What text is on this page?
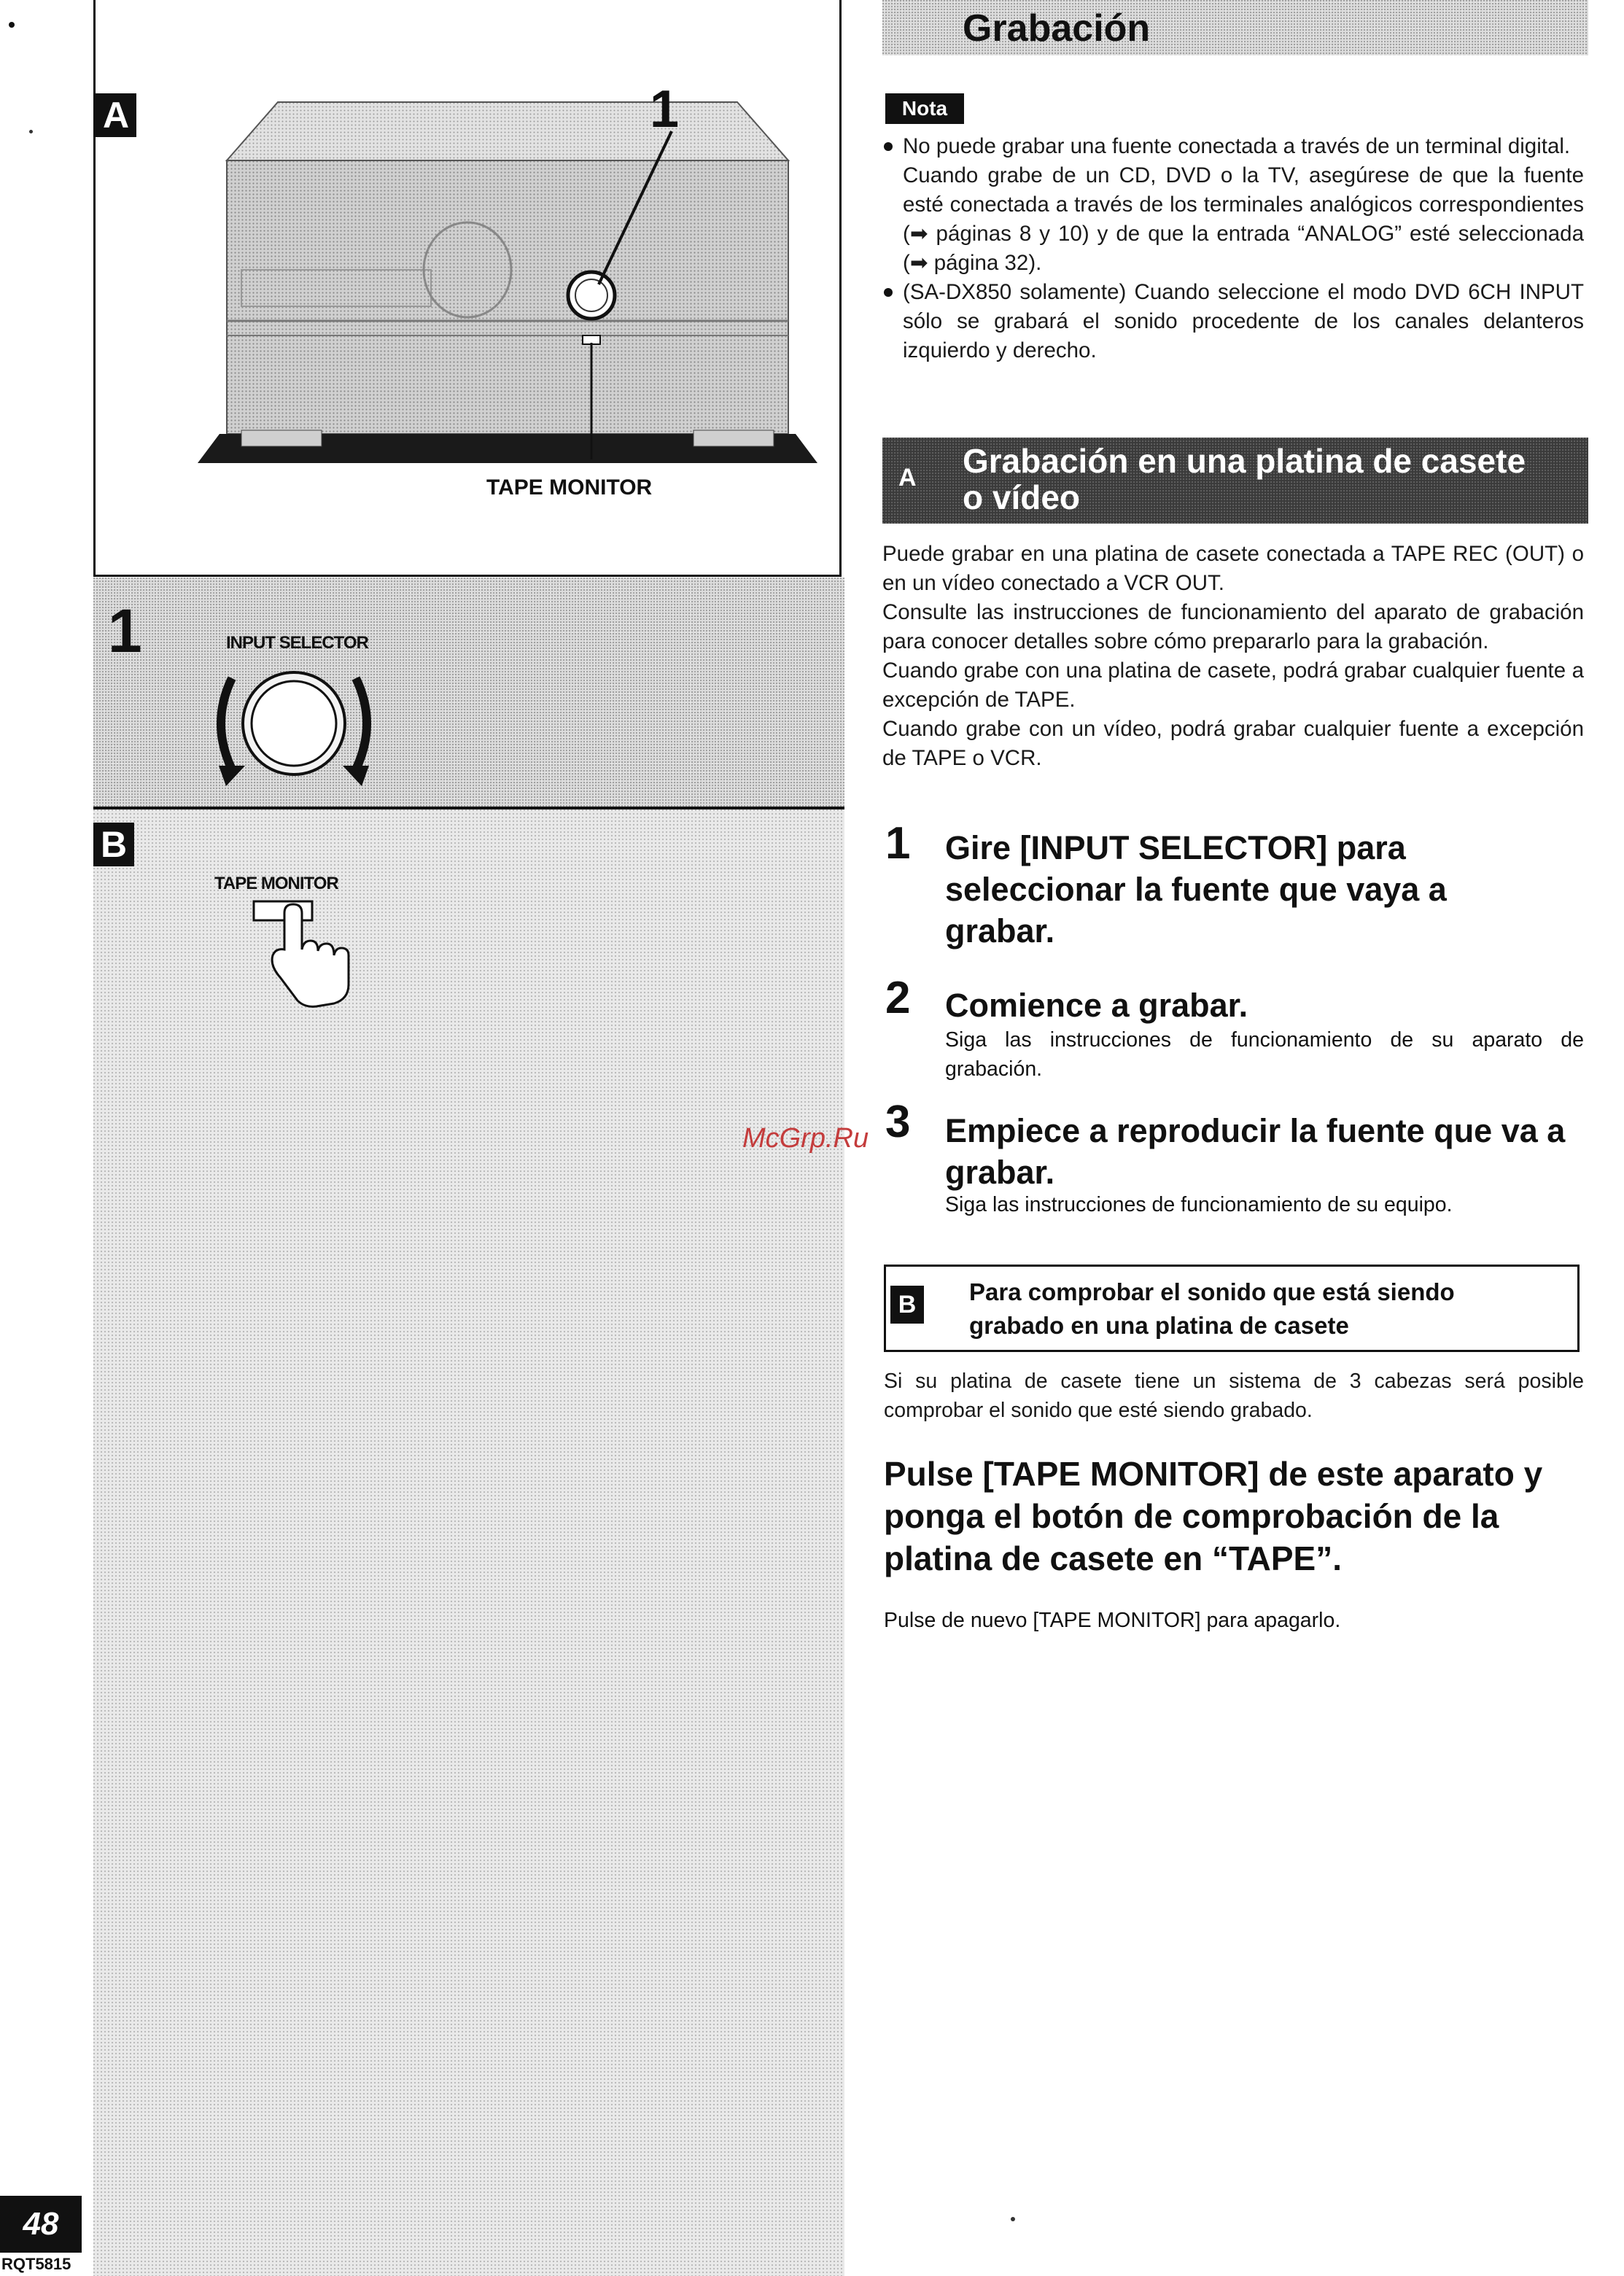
A	1
TAPE MONITOR
1	INPUT SELECTOR
B
TAPE MONITOR
Grabación
Nota
No puede grabar una fuente conectada a través de un terminal digital.
Cuando grabe de un CD, DVD o la TV, asegúrese de que la fuente esté conectada a través de los terminales analógicos correspondientes (➡ páginas 8 y 10) y de que la entrada “ANALOG” esté seleccionada (➡ página 32).
(SA-DX850 solamente) Cuando seleccione el modo DVD 6CH INPUT sólo se grabará el sonido procedente de los canales delanteros izquierdo y derecho.
A Grabación en una platina de casete
o vídeo
Puede grabar en una platina de casete conectada a TAPE REC (OUT) o en un vídeo conectado a VCR OUT.
Consulte las instrucciones de funcionamiento del aparato de grabación para conocer detalles sobre cómo prepararlo para la grabación.
Cuando grabe con una platina de casete, podrá grabar cualquier fuente a excepción de TAPE.
Cuando grabe con un vídeo, podrá grabar cualquier fuente a excepción de TAPE o VCR.
1 Gire [INPUT SELECTOR] para seleccionar la fuente que vaya a grabar.
2 Comience a grabar.
Siga las instrucciones de funcionamiento de su aparato de grabación.
3 Empiece a reproducir la fuente que va a grabar.
Siga las instrucciones de funcionamiento de su equipo.
McGrp.Ru
B	Para comprobar el sonido que está siendo
grabado en una platina de casete
Si su platina de casete tiene un sistema de 3 cabezas será posible comprobar el sonido que esté siendo grabado.
Pulse [TAPE MONITOR] de este aparato y ponga el botón de comprobación de la platina de casete en “TAPE”.
Pulse de nuevo [TAPE MONITOR] para apagarlo.
48
RQT5815
